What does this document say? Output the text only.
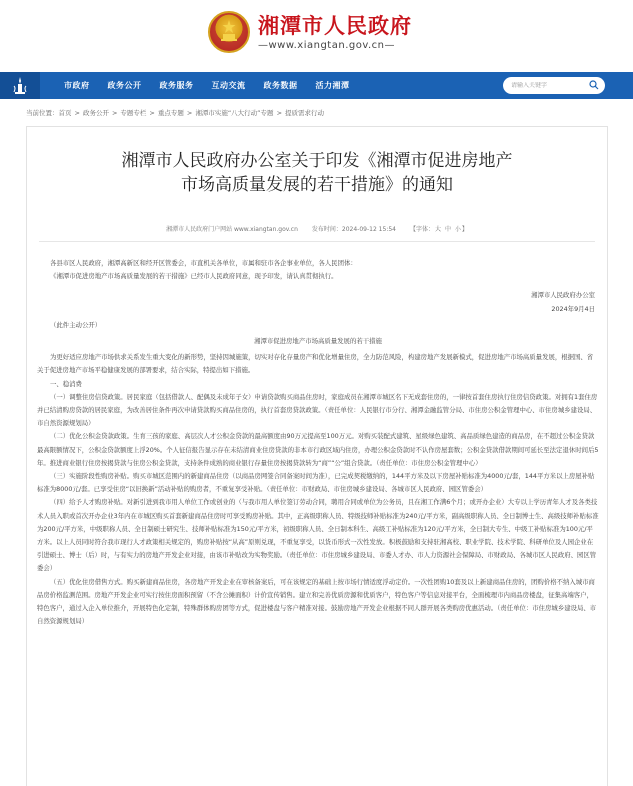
湘潭市人民政府
—www.xiangtan.gov.cn—
市政府 政务公开 政务服务 互动交流 政务数据 活力湘潭
请输入关键字
当前位置：首页 > 政务公开 > 专题专栏 > 重点专题 > 湘潭市实施“八大行动”专题 > 提质需求行动
湘潭市人民政府办公室关于印发《湘潭市促进房地产
市场高质量发展的若干措施》的通知
湘潭市人民政府门户网站 www.xiangtan.gov.cn 发布时间：2024-09-12 15:54 【字体：大 中 小】
各县市区人民政府，湘潭高新区和经开区管委会，市直机关各单位，市属和驻市各企事业单位，各人民团体：
《湘潭市促进房地产市场高质量发展的若干措施》已经市人民政府同意，现予印发，请认真贯彻执行。
湘潭市人民政府办公室
2024年9月4日
（此件主动公开）
湘潭市促进房地产市场高质量发展的若干措施
为更好适应房地产市场供求关系发生重大变化的新形势，坚持因城施策，切实对存化存量房产和优化增量住房，全力防范风险，构建房地产发展新模式，促进房地产市场高质量发展，根据国、省关于促进房地产市场平稳健康发展的部署要求，结合实际，特提出如下措施。
一、稳消费
（一）调整住房信贷政策。居民家庭（包括借款人、配偶及未成年子女）申请贷款购买商品住房时，家庭成员在湘潭市城区名下无成套住房的，一律按首套住房执行住房信贷政策。对拥有1套住房并已结清购房贷款的居民家庭，为改善居住条件再次申请贷款购买商品住房的，执行首套房贷款政策。（责任单位：人民银行市分行、湘潭金融监管分局、市住房公积金管理中心、市住房城乡建设局、市自然资源规划局）
（二）优化公积金贷款政策。生育三孩的家庭、高层次人才公积金贷款的最高额度由90万元提高至100万元。对购买装配式建筑、星级绿色建筑、高品质绿色建造的商品房，在不超过公积金贷款最高限额情况下，公积金贷款额度上浮20%。个人征信报告显示存在未结清商业住房贷款的非本市行政区域内住房，办理公积金贷款时不认作房屋套数；公积金贷款借款期间可延长至法定退休时间后5年。推进商业银行住房按揭贷款与住房公积金贷款，支持条件成熟的商业银行存量住房按揭贷款转为“商”“公”组合贷款。（责任单位：市住房公积金管理中心）
（三）实施阶段性购房补贴。购买市城区范围内的新建商品住房（以商品房网签合同备案时间为准），已完成契税缴纳的，144平方米及以下房屋补贴标准为4000元/套，144平方米以上房屋补贴标准为8000元/套。已享受住房“以旧换新”活动补贴的购房者，不重复享受补贴。（责任单位：市财政局、市住房城乡建设局、各城市区人民政府、园区管委会）
（四）给予人才购房补贴。对新引进到我市用人单位工作或创业的（与我市用人单位签订劳动合同，聘用合同或单位为公务员，且在湘工作满6个月；或开办企业）大专以上学历青年人才及各类技术人员入职或首次开办企业3年内在市城区购买首套新建商品住房时可享受购房补贴。其中，正高级职称人员、特级技师补贴标准为240元/平方米，副高级职称人员、全日制博士生、高级技师补贴标准为200元/平方米，中级职称人员、全日制硕士研究生、技师补贴标准为150元/平方米，初级职称人员、全日制本科生、高级工补贴标准为120元/平方米，全日制大专生、中级工补贴标准为100元/平方米。以上人员同时符合我市现行人才政策相关规定的，购房补贴按“从高”原则兑现，不重复享受，以货币形式一次性发放。积极鼓励和支持驻湘高校、职业学院、技术学院、科研单位及人园企业在引进硕士、博士（后）时，与有实力的房地产开发企业对接，由该市补贴改为实物奖励。（责任单位：市住房城乡建设局、市委人才办、市人力资源社会保障局、市财政局、各城市区人民政府、园区管委会）
（五）优化住房借售方式。购买新建商品住房，各房地产开发企业在审核备案后，可在该规定的基础上按市场行情适度浮动定价。一次性团购10套及以上新建商品住房的，团购价格不纳入城市商品房价格监测范围。房地产开发企业可实行按住房面积预留（不含公摊面积）计价宣传销售。建立和完善优质房源和优质客户，特色客户等信息对接平台，全面梳理市内商品房楼盘，征集高端客户，特色客户，通过入企入单位推介，开展特色化定制，特殊群体购房团等方式，促进楼盘与客户精准对接。鼓励房地产开发企业根据不同人群开展各类购房优惠活动。（责任单位：市住房城乡建设局、市自然资源规划局）
